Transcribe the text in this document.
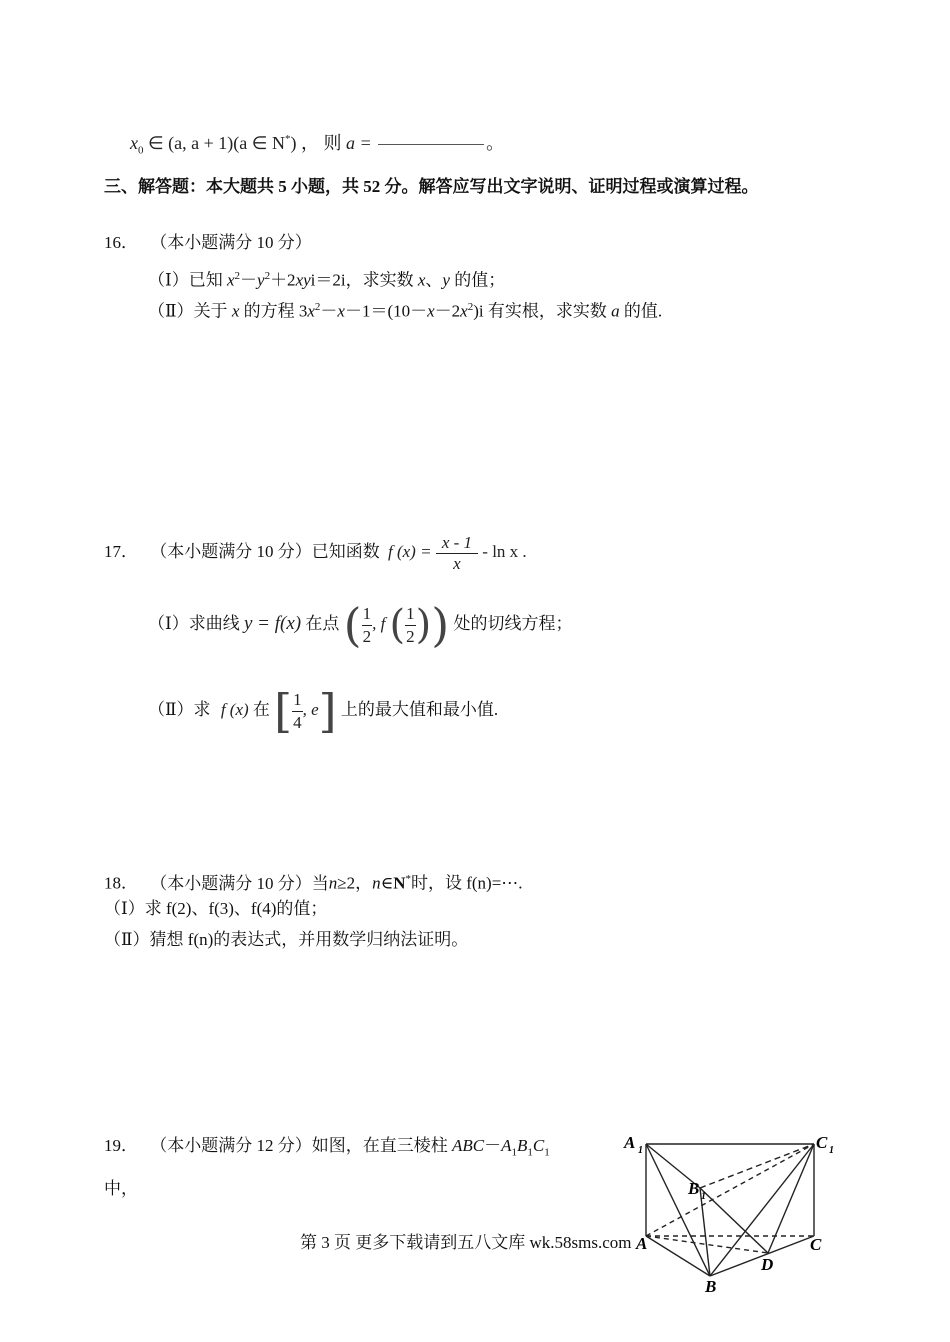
$x_0$ ∈ (a, a + 1)(a ∈ N*) ， 则 a =	。
三、解答题：本大题共 5 小题，共 52 分。解答应写出文字说明、证明过程或演算过程。
16． （本小题满分 10 分）
（Ⅰ）已知 $x^2-y^2+2xyi=2i$，求实数 x、y 的值；
（Ⅱ）关于 x 的方程 $3x^2-x-1=(10-x-2x^2)i$ 有实根，求实数 a 的值.
17． （本小题满分 10 分）已知函数 f $(x) = \frac{x - 1}{x} - \ln x$ .
（Ⅰ）求曲线 y = f(x) 在点 ( $\frac{1}{2}$ , f ( $\frac{1}{2}$ )) 处的切线方程；
（Ⅱ）求 f (x) 在 [ $\frac{1}{4}$ , e] 上的最大值和最小值.
18． （本小题满分 10 分）当n≥2，n∈N*时，设 f(n)=⋯.
（Ⅰ）求 f(2)、f(3)、f(4)的值；
（Ⅱ）猜想 f(n)的表达式，并用数学归纳法证明。
19． （本小题满分 12 分）如图，在直三棱柱 $ABC-A_1B_1C_1$
中，
A 1	C 1
B 1
A	C
D
B
第 3 页 更多下载请到五八文库 wk.58sms.com
